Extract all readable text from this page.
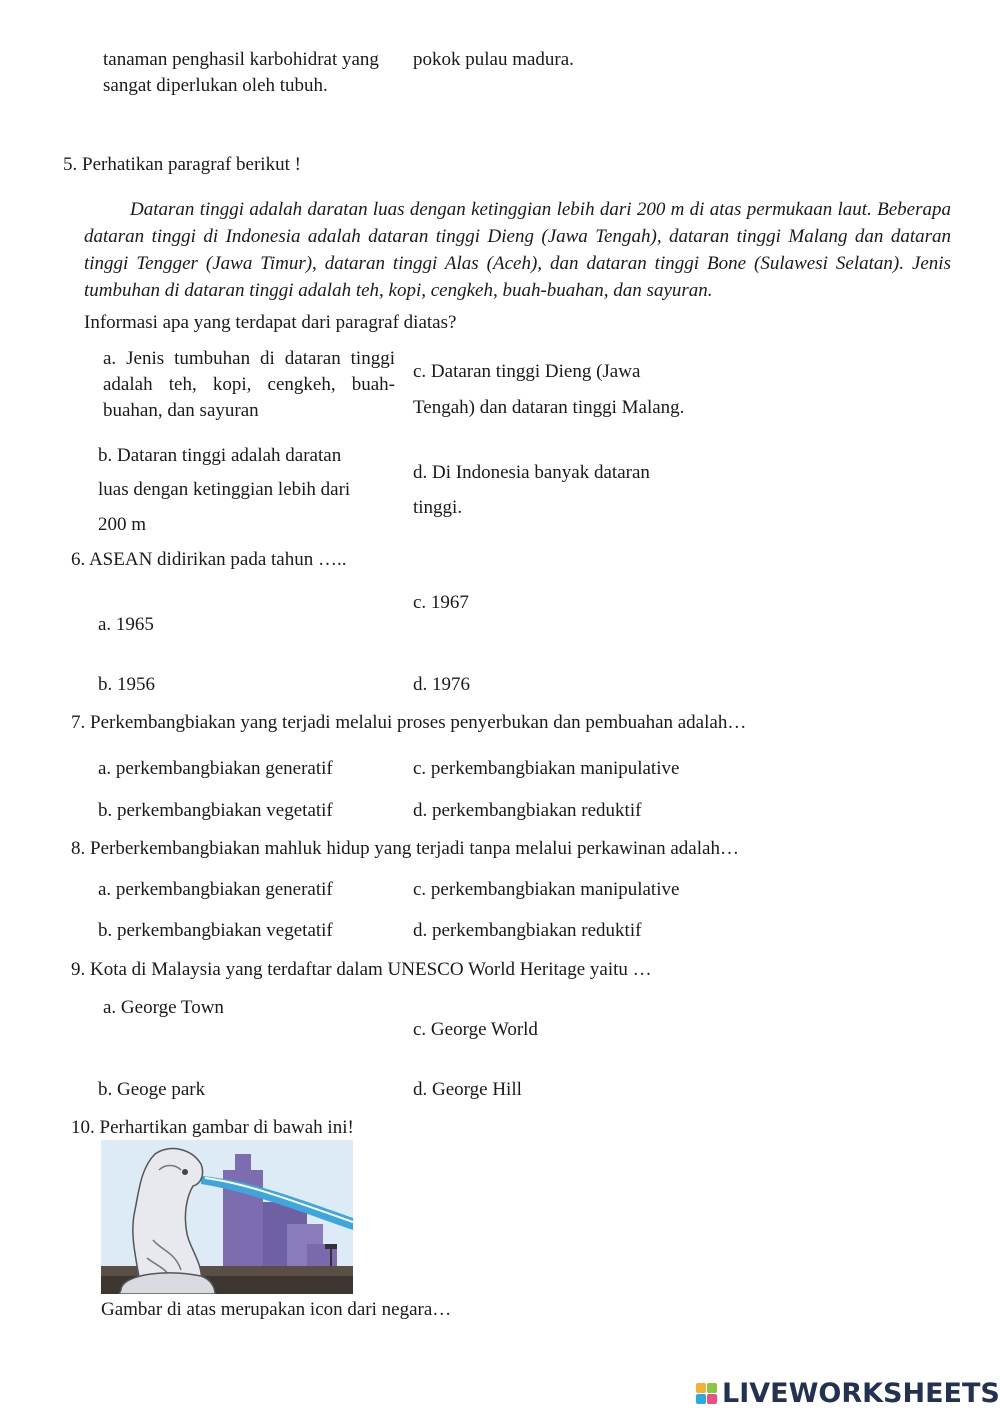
tanaman penghasil karbohidrat yang
sangat diperlukan oleh tubuh.
pokok pulau madura.
5. Perhatikan paragraf berikut !
Dataran tinggi adalah daratan luas dengan ketinggian lebih dari 200 m di atas permukaan laut. Beberapa dataran tinggi di Indonesia adalah dataran tinggi Dieng (Jawa Tengah), dataran tinggi Malang dan dataran tinggi Tengger (Jawa Timur), dataran tinggi Alas (Aceh), dan dataran tinggi Bone (Sulawesi Selatan). Jenis tumbuhan di dataran tinggi adalah teh, kopi, cengkeh, buah-buahan, dan sayuran.
Informasi apa yang terdapat dari paragraf diatas?
a. Jenis tumbuhan di dataran tinggi adalah teh, kopi, cengkeh, buah-buahan, dan sayuran
c. Dataran tinggi Dieng (Jawa
Tengah) dan dataran tinggi Malang.
b. Dataran tinggi adalah daratan
luas dengan ketinggian lebih dari
200 m
d. Di Indonesia banyak dataran
tinggi.
6. ASEAN didirikan pada tahun …..
c. 1967
a. 1965
b. 1956	d. 1976
7. Perkembangbiakan yang terjadi melalui proses penyerbukan dan pembuahan adalah…
a. perkembangbiakan generatif	c. perkembangbiakan manipulative
b. perkembangbiakan vegetatif	d. perkembangbiakan reduktif
8. Perberkembangbiakan mahluk hidup yang terjadi tanpa melalui perkawinan adalah…
a. perkembangbiakan generatif	c. perkembangbiakan manipulative
b. perkembangbiakan vegetatif	d. perkembangbiakan reduktif
9. Kota di Malaysia yang terdaftar dalam UNESCO World Heritage yaitu …
a. George Town
c. George World
b. Geoge park	d. George Hill
10. Perhartikan gambar di bawah ini!
Gambar di atas merupakan icon dari negara…
LIVEWORKSHEETS
